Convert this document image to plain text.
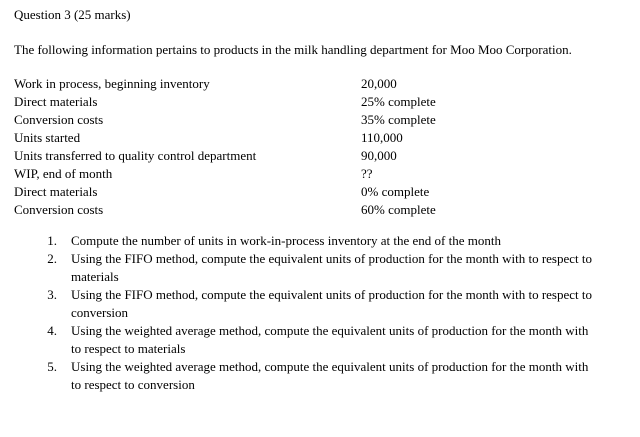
Question 3 (25 marks)
The following information pertains to products in the milk handling department for Moo Moo Corporation.
Work in process, beginning inventory	20,000
Direct materials	25% complete
Conversion costs	35% complete
Units started	110,000
Units transferred to quality control department	90,000
WIP, end of month	??
Direct materials	0% complete
Conversion costs	60% complete
1.	Compute the number of units in work-in-process inventory at the end of the month
2.	Using the FIFO method, compute the equivalent units of production for the month with to respect to materials
3.	Using the FIFO method, compute the equivalent units of production for the month with to respect to conversion
4.	Using the weighted average method, compute the equivalent units of production for the month with to respect to materials
5.	Using the weighted average method, compute the equivalent units of production for the month with to respect to conversion
